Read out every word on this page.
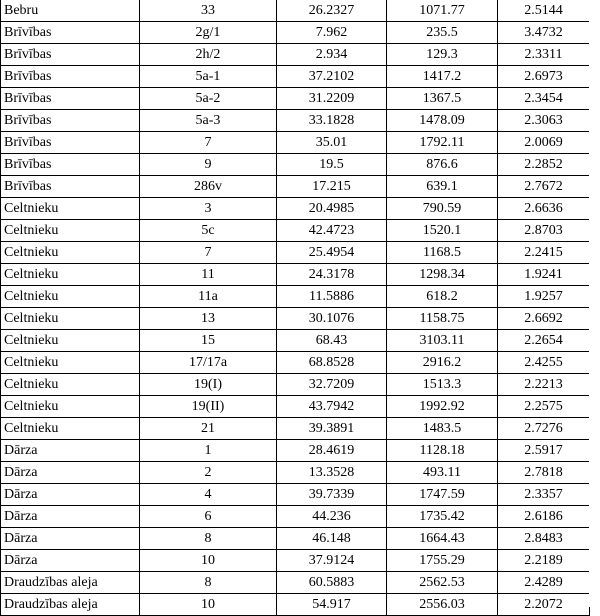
Bebru	33	26.2327	1071.77	2.5144
Brīvības	2g/1	7.962	235.5	3.4732
Brīvības	2h/2	2.934	129.3	2.3311
Brīvības	5a-1	37.2102	1417.2	2.6973
Brīvības	5a-2	31.2209	1367.5	2.3454
Brīvības	5a-3	33.1828	1478.09	2.3063
Brīvības	7	35.01	1792.11	2.0069
Brīvības	9	19.5	876.6	2.2852
Brīvības	286v	17.215	639.1	2.7672
Celtnieku	3	20.4985	790.59	2.6636
Celtnieku	5c	42.4723	1520.1	2.8703
Celtnieku	7	25.4954	1168.5	2.2415
Celtnieku	11	24.3178	1298.34	1.9241
Celtnieku	11a	11.5886	618.2	1.9257
Celtnieku	13	30.1076	1158.75	2.6692
Celtnieku	15	68.43	3103.11	2.2654
Celtnieku	17/17a	68.8528	2916.2	2.4255
Celtnieku	19(I)	32.7209	1513.3	2.2213
Celtnieku	19(II)	43.7942	1992.92	2.2575
Celtnieku	21	39.3891	1483.5	2.7276
Dārza	1	28.4619	1128.18	2.5917
Dārza	2	13.3528	493.11	2.7818
Dārza	4	39.7339	1747.59	2.3357
Dārza	6	44.236	1735.42	2.6186
Dārza	8	46.148	1664.43	2.8483
Dārza	10	37.9124	1755.29	2.2189
Draudzības aleja	8	60.5883	2562.53	2.4289
Draudzības aleja	10	54.917	2556.03	2.2072
